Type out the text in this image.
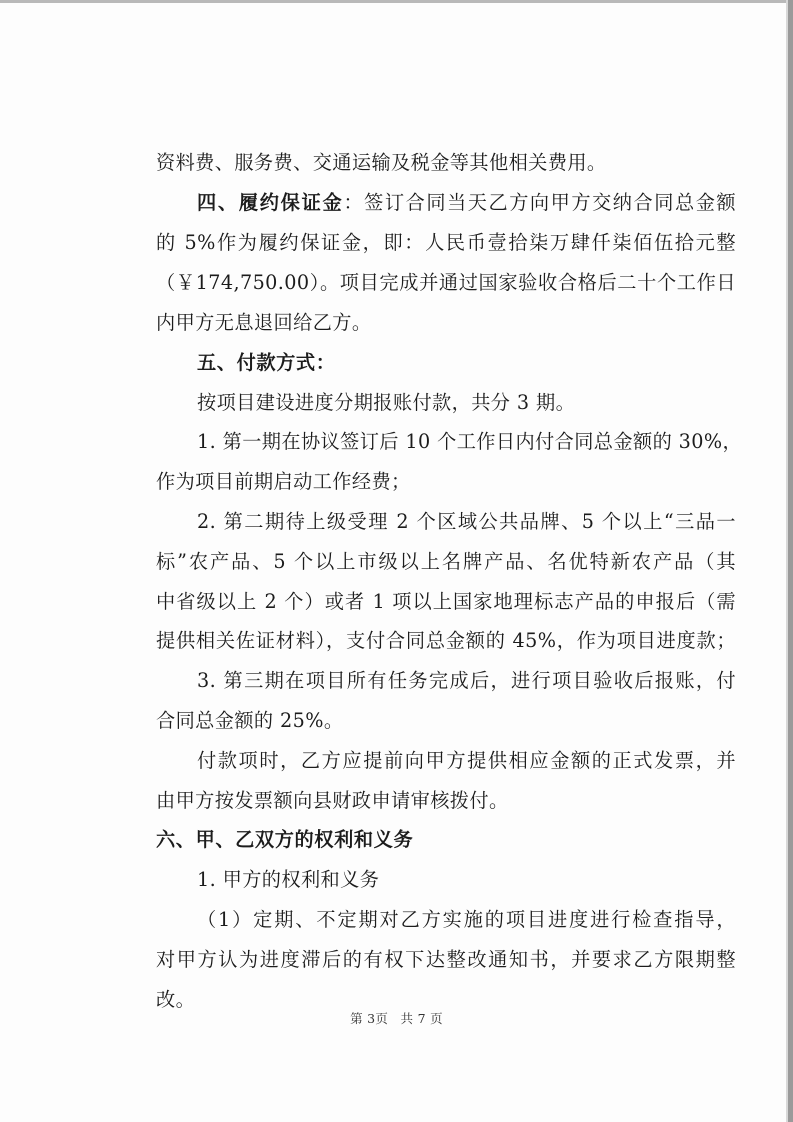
资料费、服务费、交通运输及税金等其他相关费用。
四、履约保证金：签订合同当天乙方向甲方交纳合同总金额
的 5%作为履约保证金，即：人民币壹拾柒万肆仟柒佰伍拾元整
（￥174,750.00）。项目完成并通过国家验收合格后二十个工作日
内甲方无息退回给乙方。
五、付款方式：
按项目建设进度分期报账付款，共分 3 期。
1. 第一期在协议签订后 10 个工作日内付合同总金额的 30%，
作为项目前期启动工作经费；
2. 第二期待上级受理 2 个区域公共品牌、5 个以上“三品一
标”农产品、5 个以上市级以上名牌产品、名优特新农产品（其
中省级以上 2 个）或者 1 项以上国家地理标志产品的申报后（需
提供相关佐证材料），支付合同总金额的 45%，作为项目进度款；
3. 第三期在项目所有任务完成后，进行项目验收后报账，付
合同总金额的 25%。
付款项时，乙方应提前向甲方提供相应金额的正式发票，并
由甲方按发票额向县财政申请审核拨付。
六、甲、乙双方的权利和义务
1. 甲方的权利和义务
（1）定期、不定期对乙方实施的项目进度进行检查指导，
对甲方认为进度滞后的有权下达整改通知书，并要求乙方限期整
改。
第 3页 共 7 页
